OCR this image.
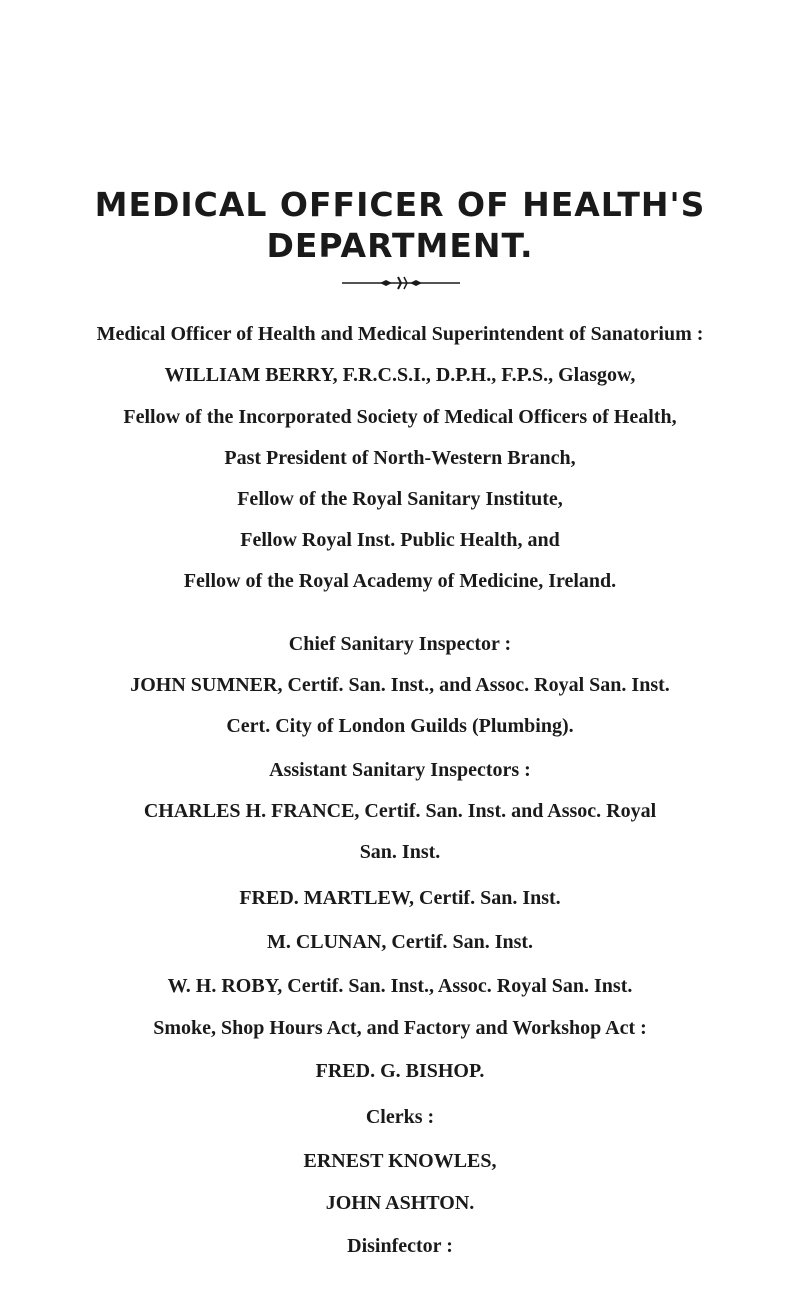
MEDICAL OFFICER OF HEALTH'S
DEPARTMENT.
Medical Officer of Health and Medical Superintendent of Sanatorium :
WILLIAM BERRY, F.R.C.S.I., D.P.H., F.P.S., Glasgow,
Fellow of the Incorporated Society of Medical Officers of Health,
Past President of North-Western Branch,
Fellow of the Royal Sanitary Institute,
Fellow Royal Inst. Public Health, and
Fellow of the Royal Academy of Medicine, Ireland.
Chief Sanitary Inspector :
JOHN SUMNER, Certif. San. Inst., and Assoc. Royal San. Inst.
Cert. City of London Guilds (Plumbing).
Assistant Sanitary Inspectors :
CHARLES H. FRANCE, Certif. San. Inst. and Assoc. Royal
San. Inst.
FRED. MARTLEW, Certif. San. Inst.
M. CLUNAN, Certif. San. Inst.
W. H. ROBY, Certif. San. Inst., Assoc. Royal San. Inst.
Smoke, Shop Hours Act, and Factory and Workshop Act :
FRED. G. BISHOP.
Clerks :
ERNEST KNOWLES,
JOHN ASHTON.
Disinfector :
